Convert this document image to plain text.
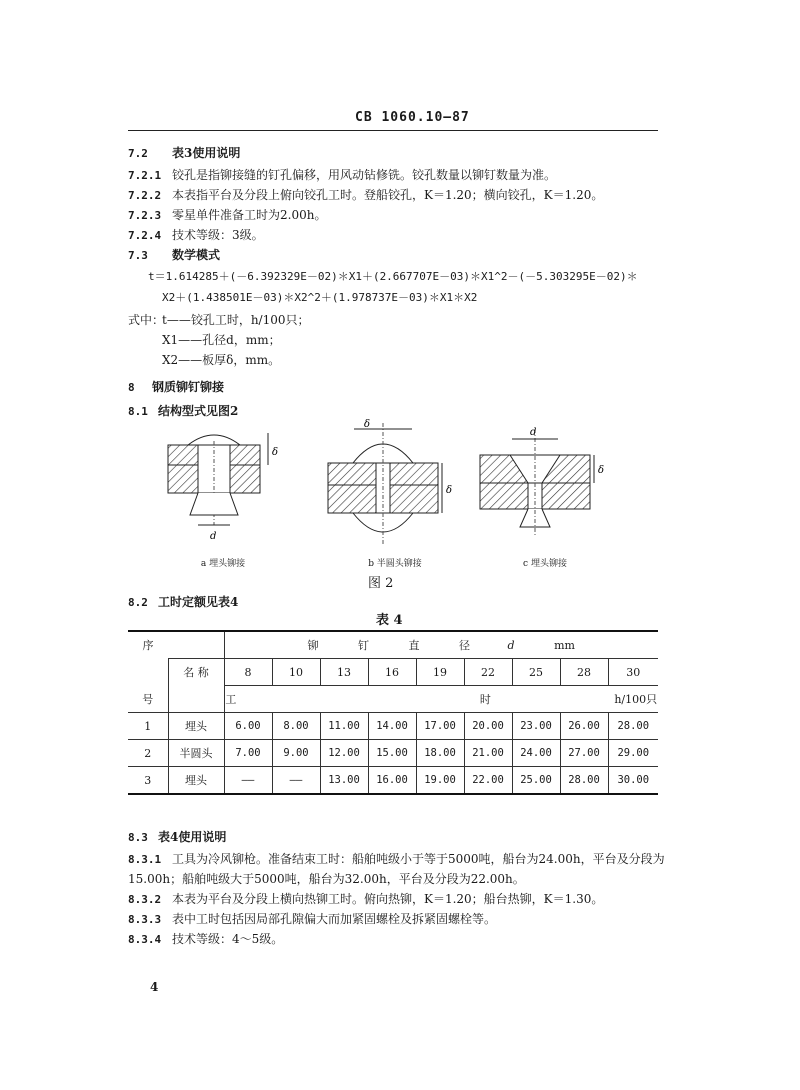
CB 1060.10—87
7.2 表3使用说明
7.2.1 铰孔是指铆接缝的钉孔偏移，用风动钻修铣。铰孔数量以铆钉数量为准。
7.2.2 本表指平台及分段上俯向铰孔工时。登船铰孔，K＝1.20；横向铰孔，K＝1.20。
7.2.3 零星单件准备工时为2.00h。
7.2.4 技术等级：3级。
7.3 数学模式
t＝1.614285＋(－6.392329E－02)＊X1＋(2.667707E－03)＊X1^2－(－5.303295E－02)＊
X2＋(1.438501E－03)＊X2^2＋(1.978737E－03)＊X1＊X2
式中：
t——铰孔工时，h/100只；
X1——孔径d，mm；
X2——板厚δ，mm。
8 钢质铆钉铆接
8.1 结构型式见图2
d
δ
δ
δ
d
δ
a 埋头铆接	b 半圆头铆接	c 埋头铆接
图 2
8.2 工时定额见表4
表 4
序		铆 钉 直 径 d mm								
	名 称	8	10	13	16	19	22	25	28	30
号		工 时 h/100只								
1	埋头	6.00	8.00	11.00	14.00	17.00	20.00	23.00	26.00	28.00
2	半圆头	7.00	9.00	12.00	15.00	18.00	21.00	24.00	27.00	29.00
3	埋头	——	——	13.00	16.00	19.00	22.00	25.00	28.00	30.00
8.3 表4使用说明
8.3.1 工具为冷风铆枪。准备结束工时：船舶吨级小于等于5000吨，船台为24.00h，平台及分段为
15.00h；船舶吨级大于5000吨，船台为32.00h，平台及分段为22.00h。
8.3.2 本表为平台及分段上横向热铆工时。俯向热铆，K＝1.20；船台热铆，K＝1.30。
8.3.3 表中工时包括因局部孔隙偏大而加紧固螺栓及拆紧固螺栓等。
8.3.4 技术等级：4～5级。
4
